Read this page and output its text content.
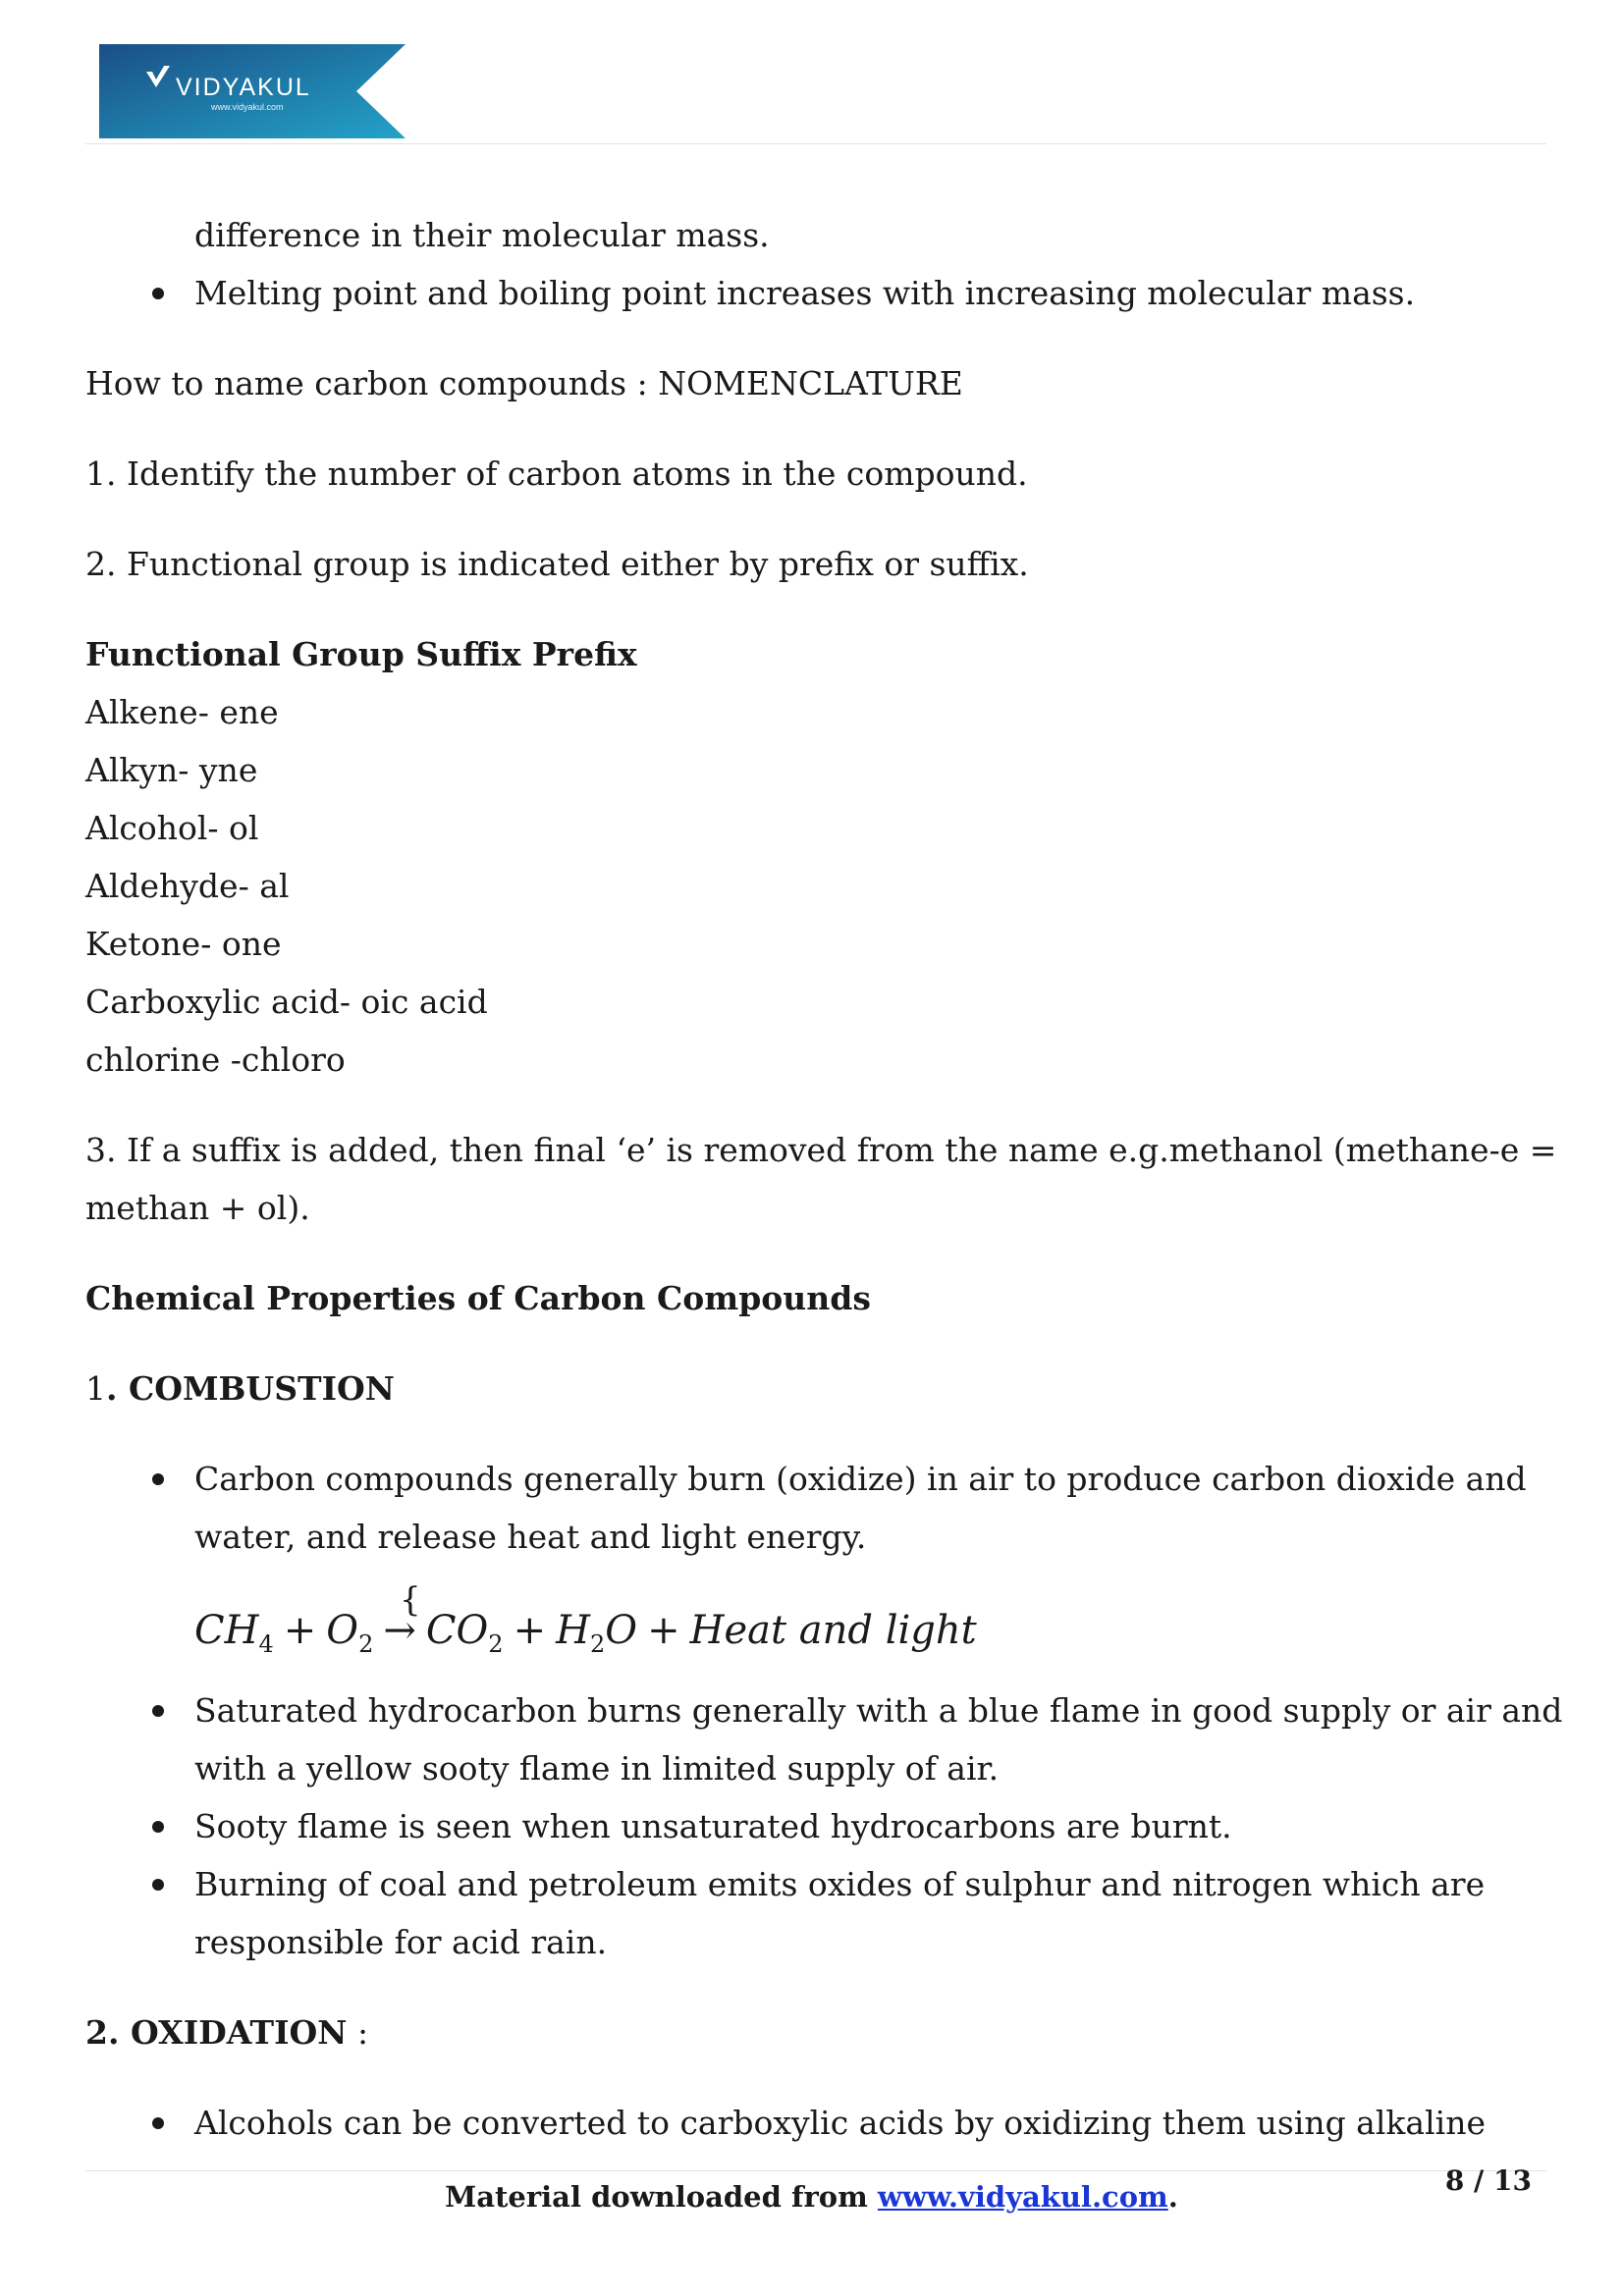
VIDYAKUL
www.vidyakul.com

difference in their molecular mass.

Melting point and boiling point increases with increasing molecular mass.

How to name carbon compounds : NOMENCLATURE

1. Identify the number of carbon atoms in the compound.

2. Functional group is indicated either by prefix or suffix.

Functional Group Suffix Prefix

Alkene- ene

Alkyn- yne

Alcohol- ol

Aldehyde- al

Ketone- one

Carboxylic acid- oic acid

chlorine -chloro

3. If a suffix is added, then final ‘e’ is removed from the name e.g.methanol (methane-e =

methan + ol).

Chemical Properties of Carbon Compounds

1. COMBUSTION

Carbon compounds generally burn (oxidize) in air to produce carbon dioxide and

water, and release heat and light energy.

{
$CH_4 + O_2 \to CO_2 + H_2O$ + Heat and light

Saturated hydrocarbon burns generally with a blue flame in good supply or air and

with a yellow sooty flame in limited supply of air.

Sooty flame is seen when unsaturated hydrocarbons are burnt.

Burning of coal and petroleum emits oxides of sulphur and nitrogen which are

responsible for acid rain.

2. OXIDATION :

Alcohols can be converted to carboxylic acids by oxidizing them using alkaline

Material downloaded from www.vidyakul.com.	8 / 13
